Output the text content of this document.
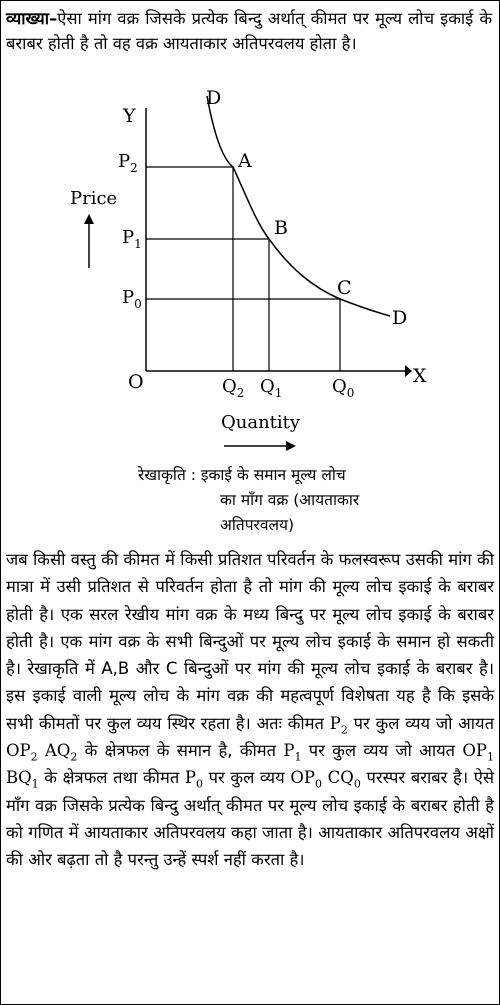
व्याख्या–ऐसा मांग वक्र जिसके प्रत्येक बिन्दु अर्थात् कीमत पर मूल्य लोच इकाई के बराबर होती है तो वह वक्र आयताकार अतिपरवलय होता है।
Y
X
O
D
D
A
B
C
$P_2$
$P_1$
$P_0$
$Q_2$ $Q_1$	$Q_0$
Price
Quantity
रेखाकृति : इकाई के समान मूल्य लोच
का माँग वक्र (आयताकार
अतिपरवलय)
जब किसी वस्तु की कीमत में किसी प्रतिशत परिवर्तन के फलस्वरूप उसकी मांग की मात्रा में उसी प्रतिशत से परिवर्तन होता है तो मांग की मूल्य लोच इकाई के बराबर होती है। एक सरल रेखीय मांग वक्र के मध्य बिन्दु पर मूल्य लोच इकाई के बराबर होती है। एक मांग वक्र के सभी बिन्दुओं पर मूल्य लोच इकाई के समान हो सकती है। रेखाकृति में A,B और C बिन्दुओं पर मांग की मूल्य लोच इकाई के बराबर है। इस इकाई वाली मूल्य लोच के मांग वक्र की महत्वपूर्ण विशेषता यह है कि इसके सभी कीमतों पर कुल व्यय स्थिर रहता है। अतः कीमत $P_2$ पर कुल व्यय जो आयत $OP_2$ $AQ_2$ के क्षेत्रफल के समान है, कीमत $P_1$ पर कुल व्यय जो आयत $OP_1$ $BQ_1$ के क्षेत्रफल तथा कीमत $P_0$ पर कुल व्यय $OP_0$ $CQ_0$ परस्पर बराबर है। ऐसे माँग वक्र जिसके प्रत्येक बिन्दु अर्थात् कीमत पर मूल्य लोच इकाई के बराबर होती है को गणित में आयताकार अतिपरवलय कहा जाता है। आयताकार अतिपरवलय अक्षों की ओर बढ़ता तो है परन्तु उन्हें स्पर्श नहीं करता है।
